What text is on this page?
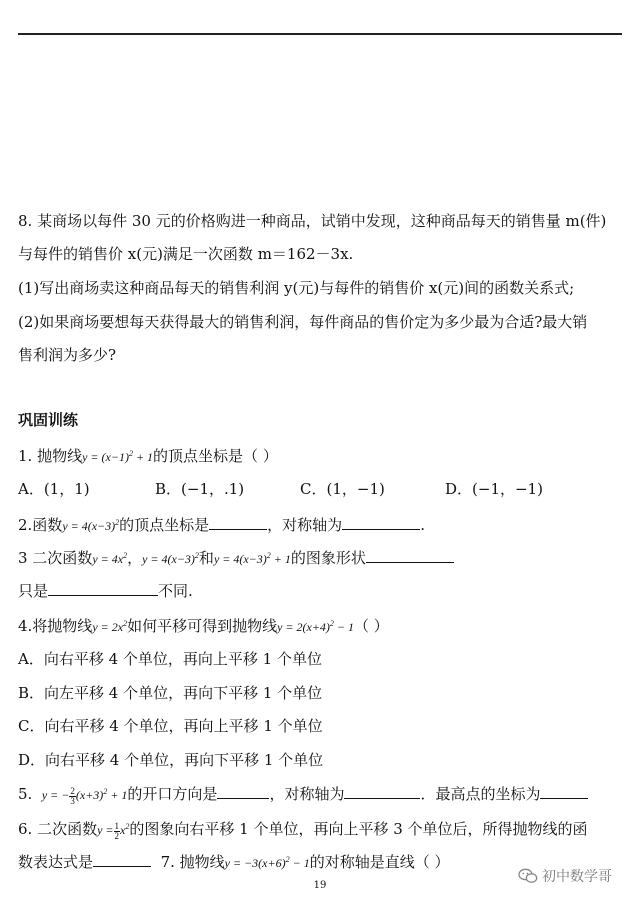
8. 某商场以每件 30 元的价格购进一种商品，试销中发现，这种商品每天的销售量 m(件)
与每件的销售价 x(元)满足一次函数 m＝162－3x.
(1)写出商场卖这种商品每天的销售利润 y(元)与每件的销售价 x(元)间的函数关系式;
(2)如果商场要想每天获得最大的销售利润，每件商品的售价定为多少最为合适?最大销
售利润为多少?
巩固训练
1. 抛物线$y = (x-1)^2 + 1$的顶点坐标是（ ）
A．(1，1)	B．(−1，.1)	C．(1，−1)	D．(−1，−1)
2.函数$y = 4(x-3)^2$的顶点坐标是	，对称轴为	.
3 二次函数$y = 4x^2$，$y = 4(x-3)^2$和$y = 4(x-3)^2 + 1$的图象形状
只是	不同.
4.将抛物线$y = 2x^2$如何平移可得到抛物线$y = 2(x+4)^2 - 1$（ ）
A．向右平移 4 个单位，再向上平移 1 个单位
B．向左平移 4 个单位，再向下平移 1 个单位
C．向右平移 4 个单位，再向上平移 1 个单位
D．向右平移 4 个单位，再向下平移 1 个单位
5. y = − $\frac{2}{3} (x+3)^2 + 1$的开口方向是	，对称轴为	．最高点的坐标为
6. 二次函数$y = \frac{1}{2} x^2$的图象向右平移 1 个单位，再向上平移 3 个单位后，所得抛物线的函
数表达式是	7. 抛物线$y = -3(x+6)^2 - 1$的对称轴是直线（ ）
19
初中数学哥
